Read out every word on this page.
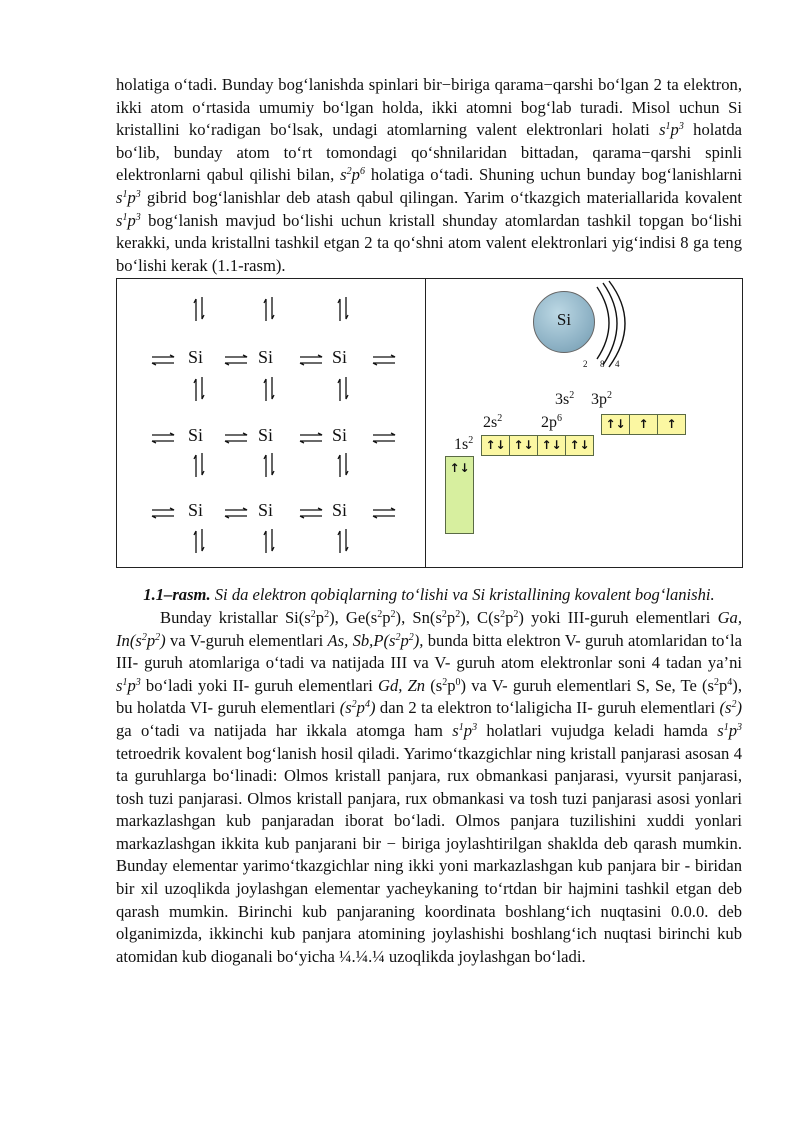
holatiga o‘tadi. Bunday bog‘lanishda spinlari bir−biriga qarama−qarshi bo‘lgan 2 ta elektron, ikki atom o‘rtasida umumiy bo‘lgan holda, ikki atomni bog‘lab turadi. Misol uchun Si kristallini ko‘radigan bo‘lsak, undagi atomlarning valent elektronlari holati $s^1p^3$ holatda bo‘lib, bunday atom to‘rt tomondagi qo‘shnilaridan bittadan, qarama−qarshi spinli elektronlarni qabul qilishi bilan, $s^2p^6$ holatiga o‘tadi. Shuning uchun bunday bog‘lanishlarni $s^1p^3$ gibrid bog‘lanishlar deb atash qabul qilingan. Yarim o‘tkazgich materiallarida kovalent $s^1p^3$ bog‘lanish mavjud bo‘lishi uchun kristall shunday atomlardan tashkil topgan bo‘lishi kerakki, unda kristallni tashkil etgan 2 ta qo‘shni atom valent elektronlari yig‘indisi 8 ga teng bo‘lishi kerak (1.1-rasm).

Si	Si	Si
Si	Si	Si
Si	Si	Si
Si
2 8 4
$3s^2$ $3p^2$
$2s^2$ $2p^6$
$1s^2$
↑↓	↑	↑
↑↓ ↑↓ ↑↓ ↑↓
↑↓

1.1–rasm. Si da elektron qobiqlarning to‘lishi va Si kristallining kovalent bog‘lanishi.

Bunday kristallar $Si(s^2p^2)$, $Ge(s^2p^2)$, $Sn(s^2p^2)$, $C(s^2p^2)$ yoki III-guruh elementlari Ga, $In(s^2p^2)$ va V-guruh elementlari As, $Sb,P(s^2p^2)$, bunda bitta elektron V- guruh atomlaridan to‘la III- guruh atomlariga o‘tadi va natijada III va V- guruh atom elektronlar soni 4 tadan ya’ni $s^1p^3$ bo‘ladi yoki II- guruh elementlari Gd, Zn $(s^2p^0)$ va V- guruh elementlari S, Se, Te $(s^2p^4)$, bu holatda VI- guruh elementlari $(s^2p^4)$ dan 2 ta elektron to‘laligicha II- guruh elementlari $(s^2)$ ga o‘tadi va natijada har ikkala atomga ham $s^1p^3$ holatlari vujudga keladi hamda $s^1p^3$ tetroedrik kovalent bog‘lanish hosil qiladi. Yarimo‘tkazgichlar ning kristall panjarasi asosan 4 ta guruhlarga bo‘linadi: Olmos kristall panjara, rux obmankasi panjarasi, vyursit panjarasi, tosh tuzi panjarasi. Olmos kristall panjara, rux obmankasi va tosh tuzi panjarasi asosi yonlari markazlashgan kub panjaradan iborat bo‘ladi. Olmos panjara tuzilishini xuddi yonlari markazlashgan ikkita kub panjarani bir − biriga joylashtirilgan shaklda deb qarash mumkin. Bunday elementar yarimo‘tkazgichlar ning ikki yoni markazlashgan kub panjara bir - biridan bir xil uzoqlikda joylashgan elementar yacheykaning to‘rtdan bir hajmini tashkil etgan deb qarash mumkin. Birinchi kub panjaraning koordinata boshlang‘ich nuqtasini 0.0.0. deb olganimizda, ikkinchi kub panjara atomining joylashishi boshlang‘ich nuqtasi birinchi kub atomidan kub dioganali bo‘yicha ¼.¼.¼ uzoqlikda joylashgan bo‘ladi.
